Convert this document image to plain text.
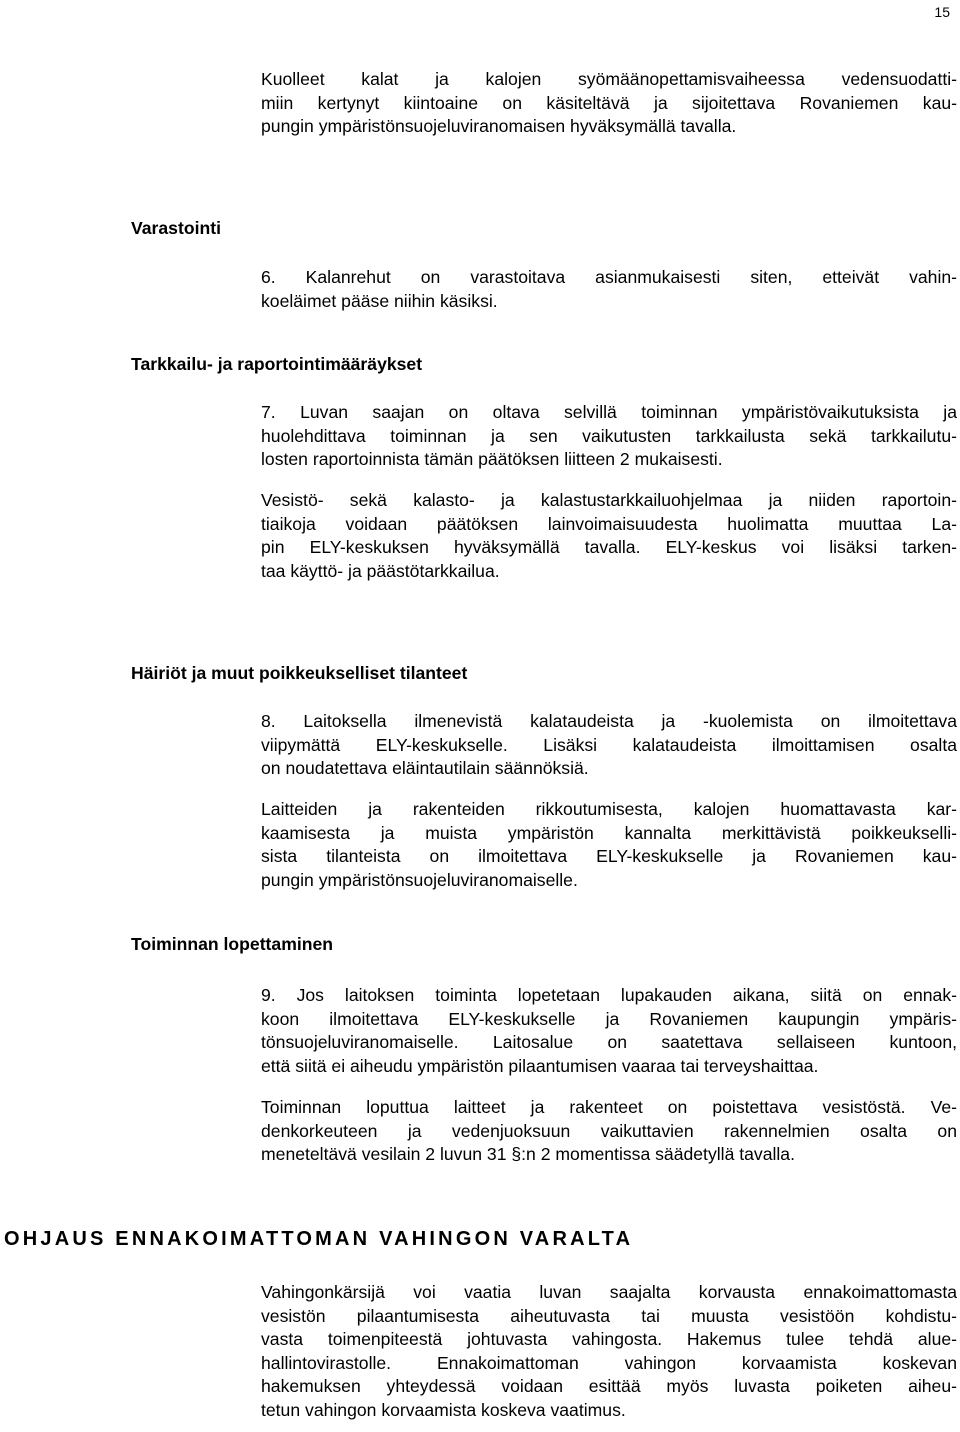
15
Kuolleet kalat ja kalojen syömäänopettamisvaiheessa vedensuodatti-
miin kertynyt kiintoaine on käsiteltävä ja sijoitettava Rovaniemen kau-
pungin ympäristönsuojeluviranomaisen hyväksymällä tavalla.
Varastointi
6. Kalanrehut on varastoitava asianmukaisesti siten, etteivät vahin-
koeläimet pääse niihin käsiksi.
Tarkkailu- ja raportointimääräykset
7. Luvan saajan on oltava selvillä toiminnan ympäristövaikutuksista ja
huolehdittava toiminnan ja sen vaikutusten tarkkailusta sekä tarkkailutu-
losten raportoinnista tämän päätöksen liitteen 2 mukaisesti.
Vesistö- sekä kalasto- ja kalastustarkkailuohjelmaa ja niiden raportoin-
tiaikoja voidaan päätöksen lainvoimaisuudesta huolimatta muuttaa La-
pin ELY-keskuksen hyväksymällä tavalla. ELY-keskus voi lisäksi tarken-
taa käyttö- ja päästötarkkailua.
Häiriöt ja muut poikkeukselliset tilanteet
8. Laitoksella ilmenevistä kalataudeista ja -kuolemista on ilmoitettava
viipymättä ELY-keskukselle. Lisäksi kalataudeista ilmoittamisen osalta
on noudatettava eläintautilain säännöksiä.
Laitteiden ja rakenteiden rikkoutumisesta, kalojen huomattavasta kar-
kaamisesta ja muista ympäristön kannalta merkittävistä poikkeukselli-
sista tilanteista on ilmoitettava ELY-keskukselle ja Rovaniemen kau-
pungin ympäristönsuojeluviranomaiselle.
Toiminnan lopettaminen
9. Jos laitoksen toiminta lopetetaan lupakauden aikana, siitä on ennak-
koon ilmoitettava ELY-keskukselle ja Rovaniemen kaupungin ympäris-
tönsuojeluviranomaiselle. Laitosalue on saatettava sellaiseen kuntoon,
että siitä ei aiheudu ympäristön pilaantumisen vaaraa tai terveyshaittaa.
Toiminnan loputtua laitteet ja rakenteet on poistettava vesistöstä. Ve-
denkorkeuteen ja vedenjuoksuun vaikuttavien rakennelmien osalta on
meneteltävä vesilain 2 luvun 31 §:n 2 momentissa säädetyllä tavalla.
OHJAUS ENNAKOIMATTOMAN VAHINGON VARALTA
Vahingonkärsijä voi vaatia luvan saajalta korvausta ennakoimattomasta
vesistön pilaantumisesta aiheutuvasta tai muusta vesistöön kohdistu-
vasta toimenpiteestä johtuvasta vahingosta. Hakemus tulee tehdä alue-
hallintovirastolle. Ennakoimattoman vahingon korvaamista koskevan
hakemuksen yhteydessä voidaan esittää myös luvasta poiketen aiheu-
tetun vahingon korvaamista koskeva vaatimus.
